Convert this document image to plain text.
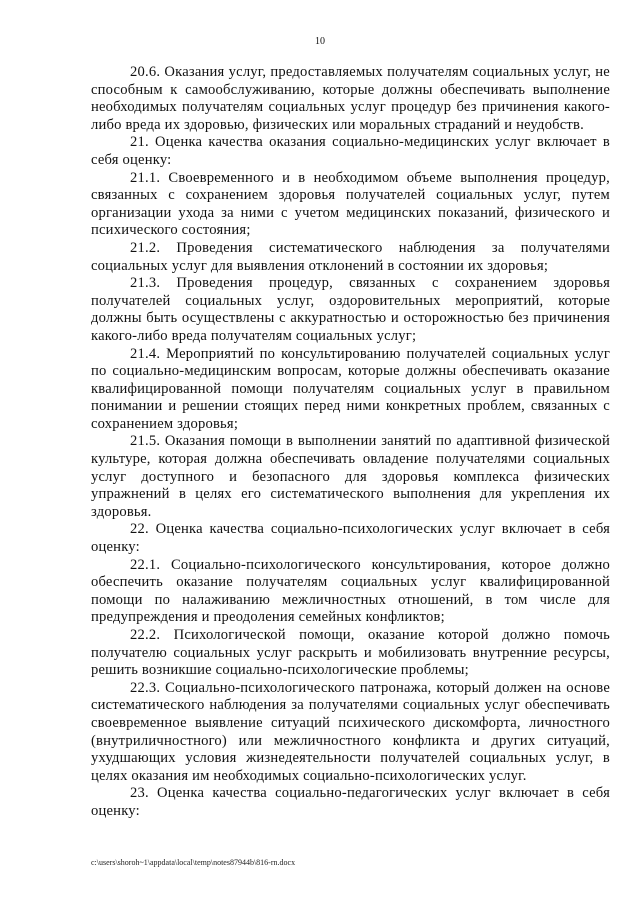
10

20.6. Оказания услуг, предоставляемых получателям социальных услуг, не способным к самообслуживанию, которые должны обеспечивать выполнение необходимых получателям социальных услуг процедур без причинения какого-либо вреда их здоровью, физических или моральных страданий и неудобств.

21. Оценка качества оказания социально-медицинских услуг включает в себя оценку:

21.1. Своевременного и в необходимом объеме выполнения процедур, связанных с сохранением здоровья получателей социальных услуг, путем организации ухода за ними с учетом медицинских показаний, физического и психического состояния;

21.2. Проведения систематического наблюдения за получателями социальных услуг для выявления отклонений в состоянии их здоровья;

21.3. Проведения процедур, связанных с сохранением здоровья получателей социальных услуг, оздоровительных мероприятий, которые должны быть осуществлены с аккуратностью и осторожностью без причинения какого-либо вреда получателям социальных услуг;

21.4. Мероприятий по консультированию получателей социальных услуг по социально-медицинским вопросам, которые должны обеспечивать оказание квалифицированной помощи получателям социальных услуг в правильном понимании и решении стоящих перед ними конкретных проблем, связанных с сохранением здоровья;

21.5. Оказания помощи в выполнении занятий по адаптивной физической культуре, которая должна обеспечивать овладение получателями социальных услуг доступного и безопасного для здоровья комплекса физических упражнений в целях его систематического выполнения для укрепления их здоровья.

22. Оценка качества социально-психологических услуг включает в себя оценку:

22.1. Социально-психологического консультирования, которое должно обеспечить оказание получателям социальных услуг квалифицированной помощи по налаживанию межличностных отношений, в том числе для предупреждения и преодоления семейных конфликтов;

22.2. Психологической помощи, оказание которой должно помочь получателю социальных услуг раскрыть и мобилизовать внутренние ресурсы, решить возникшие социально-психологические проблемы;

22.3. Социально-психологического патронажа, который должен на основе систематического наблюдения за получателями социальных услуг обеспечивать своевременное выявление ситуаций психического дискомфорта, личностного (внутриличностного) или межличностного конфликта и других ситуаций, ухудшающих условия жизнедеятельности получателей социальных услуг, в целях оказания им необходимых социально-психологических услуг.

23. Оценка качества социально-педагогических услуг включает в себя оценку:

c:\users\shoroh~1\appdata\local\temp\notes87944b\816-rn.docx
